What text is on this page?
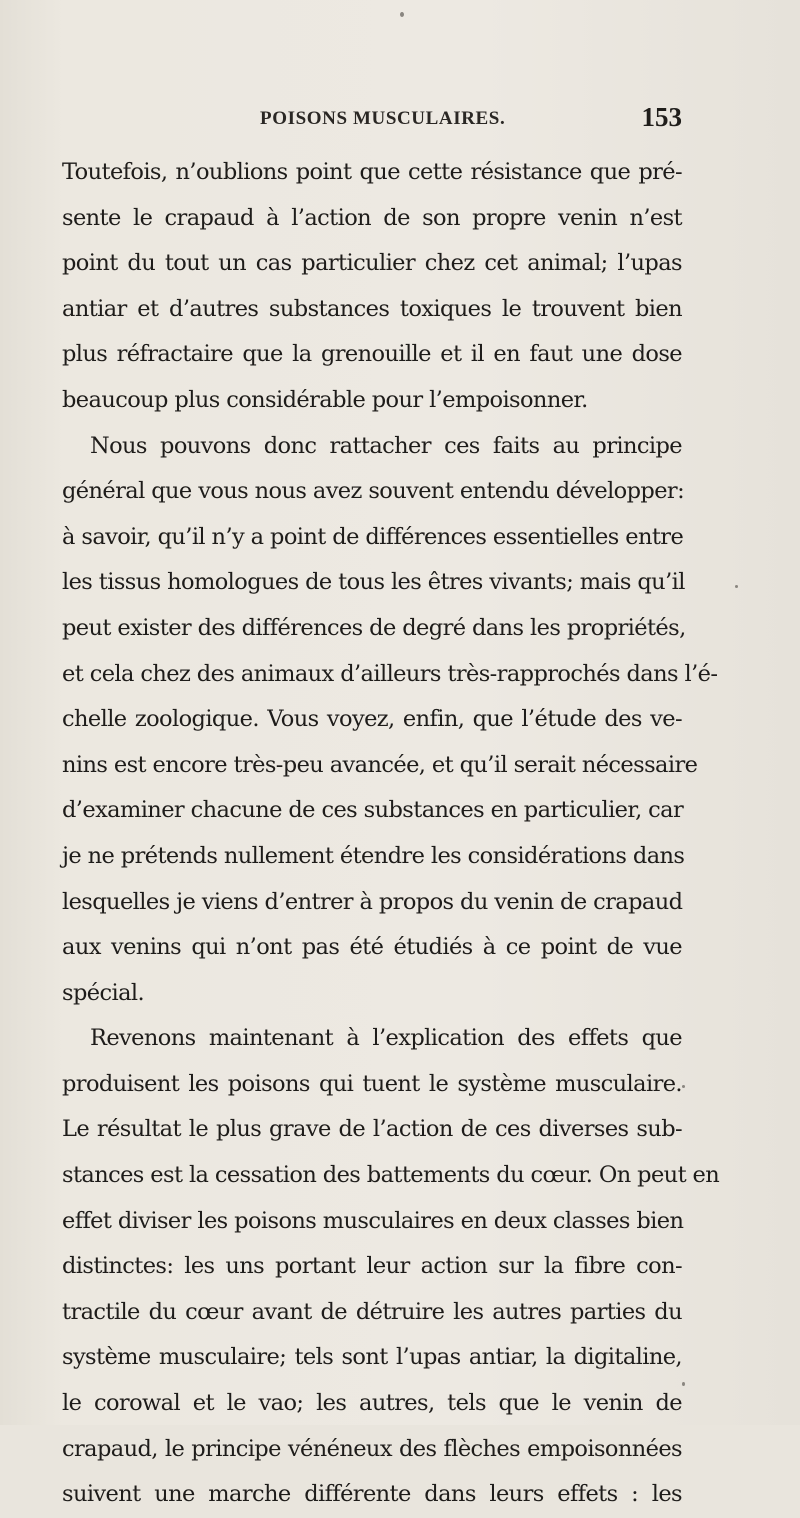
POISONS MUSCULAIRES.	153
Toutefois, n’oublions point que cette résistance que pré-
sente le crapaud à l’action de son propre venin n’est
point du tout un cas particulier chez cet animal; l’upas
antiar et d’autres substances toxiques le trouvent bien
plus réfractaire que la grenouille et il en faut une dose
beaucoup plus considérable pour l’empoisonner.
Nous pouvons donc rattacher ces faits au principe
général que vous nous avez souvent entendu développer:
à savoir, qu’il n’y a point de différences essentielles entre
les tissus homologues de tous les êtres vivants; mais qu’il
peut exister des différences de degré dans les propriétés,
et cela chez des animaux d’ailleurs très-rapprochés dans l’é-
chelle zoologique. Vous voyez, enfin, que l’étude des ve-
nins est encore très-peu avancée, et qu’il serait nécessaire
d’examiner chacune de ces substances en particulier, car
je ne prétends nullement étendre les considérations dans
lesquelles je viens d’entrer à propos du venin de crapaud
aux venins qui n’ont pas été étudiés à ce point de vue
spécial.
Revenons maintenant à l’explication des effets que
produisent les poisons qui tuent le système musculaire.
Le résultat le plus grave de l’action de ces diverses sub-
stances est la cessation des battements du cœur. On peut en
effet diviser les poisons musculaires en deux classes bien
distinctes: les uns portant leur action sur la fibre con-
tractile du cœur avant de détruire les autres parties du
système musculaire; tels sont l’upas antiar, la digitaline,
le corowal et le vao; les autres, tels que le venin de
crapaud, le principe vénéneux des flèches empoisonnées
suivent une marche différente dans leurs effets : les
